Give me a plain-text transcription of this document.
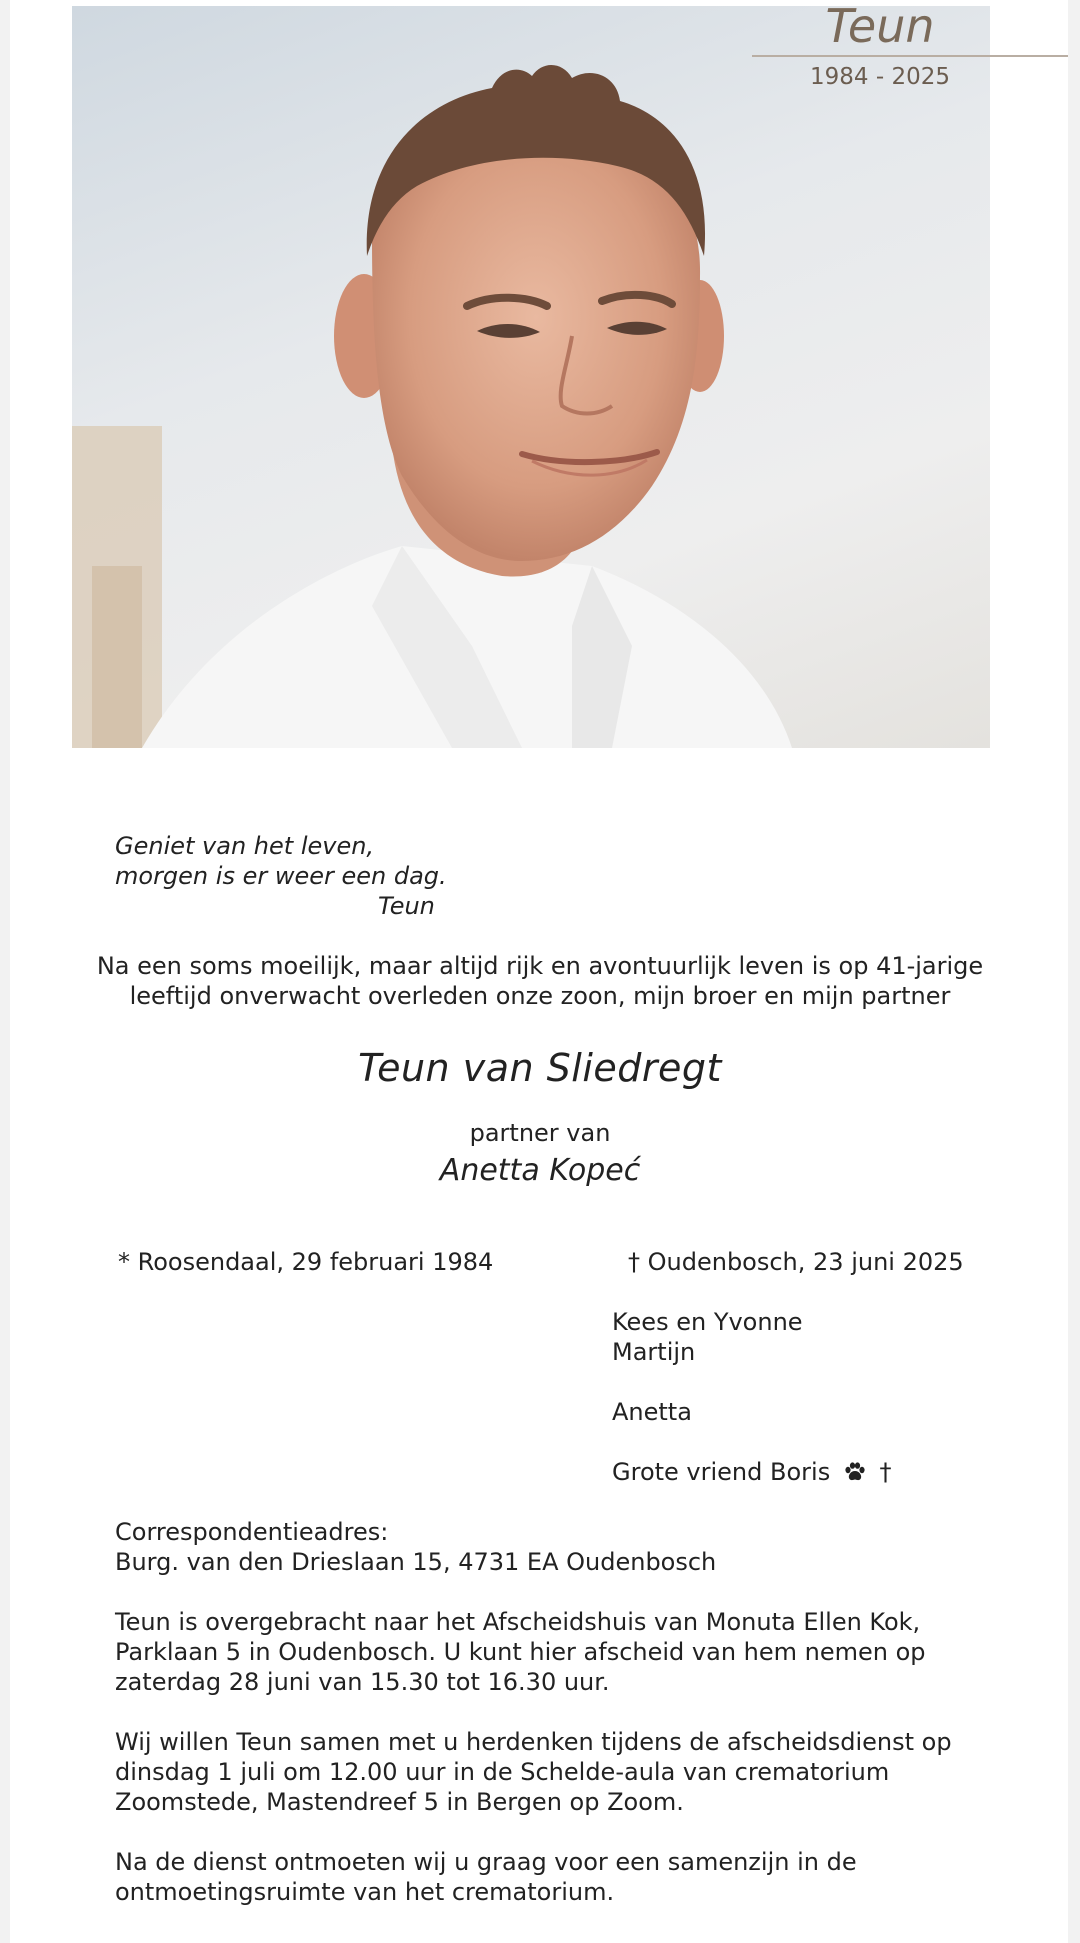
Teun
1984 - 2025
Geniet van het leven,
morgen is er weer een dag.
Teun
Na een soms moeilijk, maar altijd rijk en avontuurlijk leven is op 41-jarige
leeftijd onverwacht overleden onze zoon, mijn broer en mijn partner
Teun van Sliedregt
partner van
Anetta Kopeć
* Roosendaal, 29 februari 1984	† Oudenbosch, 23 juni 2025
Kees en Yvonne
Martijn
Anetta
Grote vriend Boris †
Correspondentieadres:
Burg. van den Drieslaan 15, 4731 EA Oudenbosch
Teun is overgebracht naar het Afscheidshuis van Monuta Ellen Kok,
Parklaan 5 in Oudenbosch. U kunt hier afscheid van hem nemen op
zaterdag 28 juni van 15.30 tot 16.30 uur.
Wij willen Teun samen met u herdenken tijdens de afscheidsdienst op
dinsdag 1 juli om 12.00 uur in de Schelde-aula van crematorium
Zoomstede, Mastendreef 5 in Bergen op Zoom.
Na de dienst ontmoeten wij u graag voor een samenzijn in de
ontmoetingsruimte van het crematorium.
